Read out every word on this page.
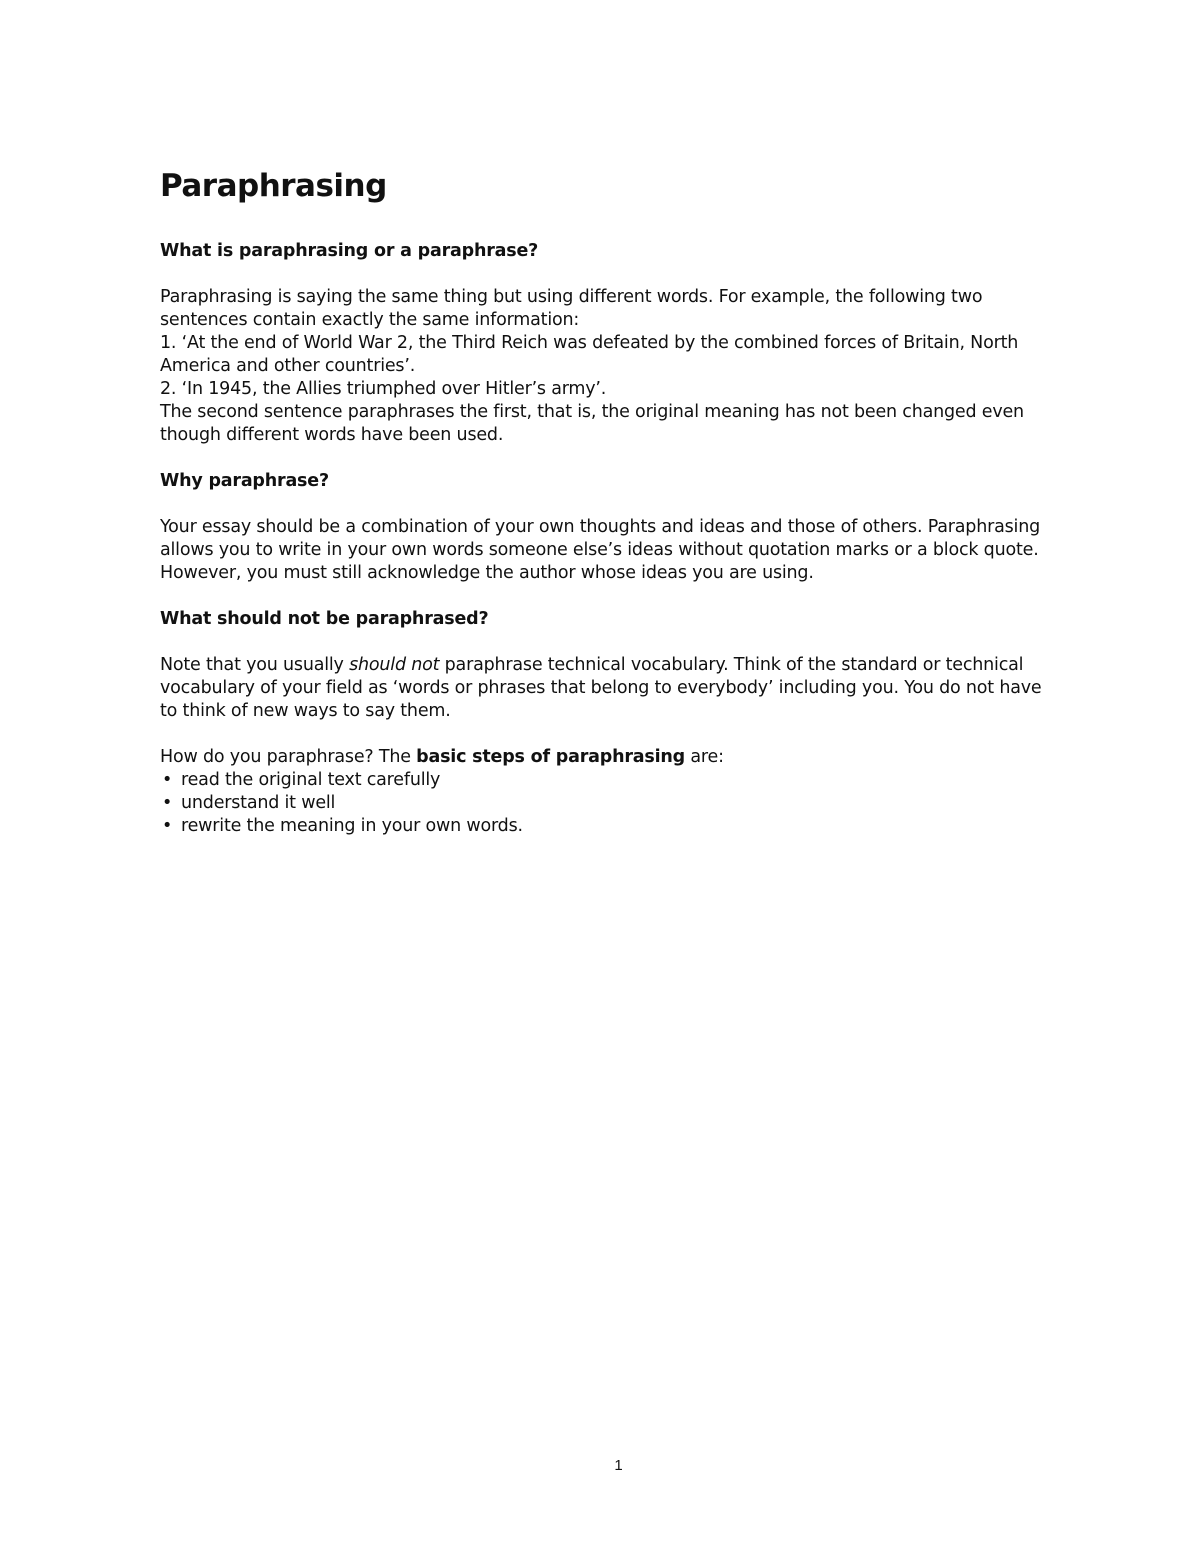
Paraphrasing
What is paraphrasing or a paraphrase?
Paraphrasing is saying the same thing but using different words. For example, the following two
sentences contain exactly the same information:
1. ‘At the end of World War 2, the Third Reich was defeated by the combined forces of Britain, North
America and other countries’.
2. ‘In 1945, the Allies triumphed over Hitler’s army’.
The second sentence paraphrases the first, that is, the original meaning has not been changed even
though different words have been used.
Why paraphrase?
Your essay should be a combination of your own thoughts and ideas and those of others. Paraphrasing
allows you to write in your own words someone else’s ideas without quotation marks or a block quote.
However, you must still acknowledge the author whose ideas you are using.
What should not be paraphrased?
Note that you usually should not paraphrase technical vocabulary. Think of the standard or technical
vocabulary of your field as ‘words or phrases that belong to everybody’ including you. You do not have
to think of new ways to say them.
How do you paraphrase? The basic steps of paraphrasing are:
• read the original text carefully
• understand it well
• rewrite the meaning in your own words.
1
